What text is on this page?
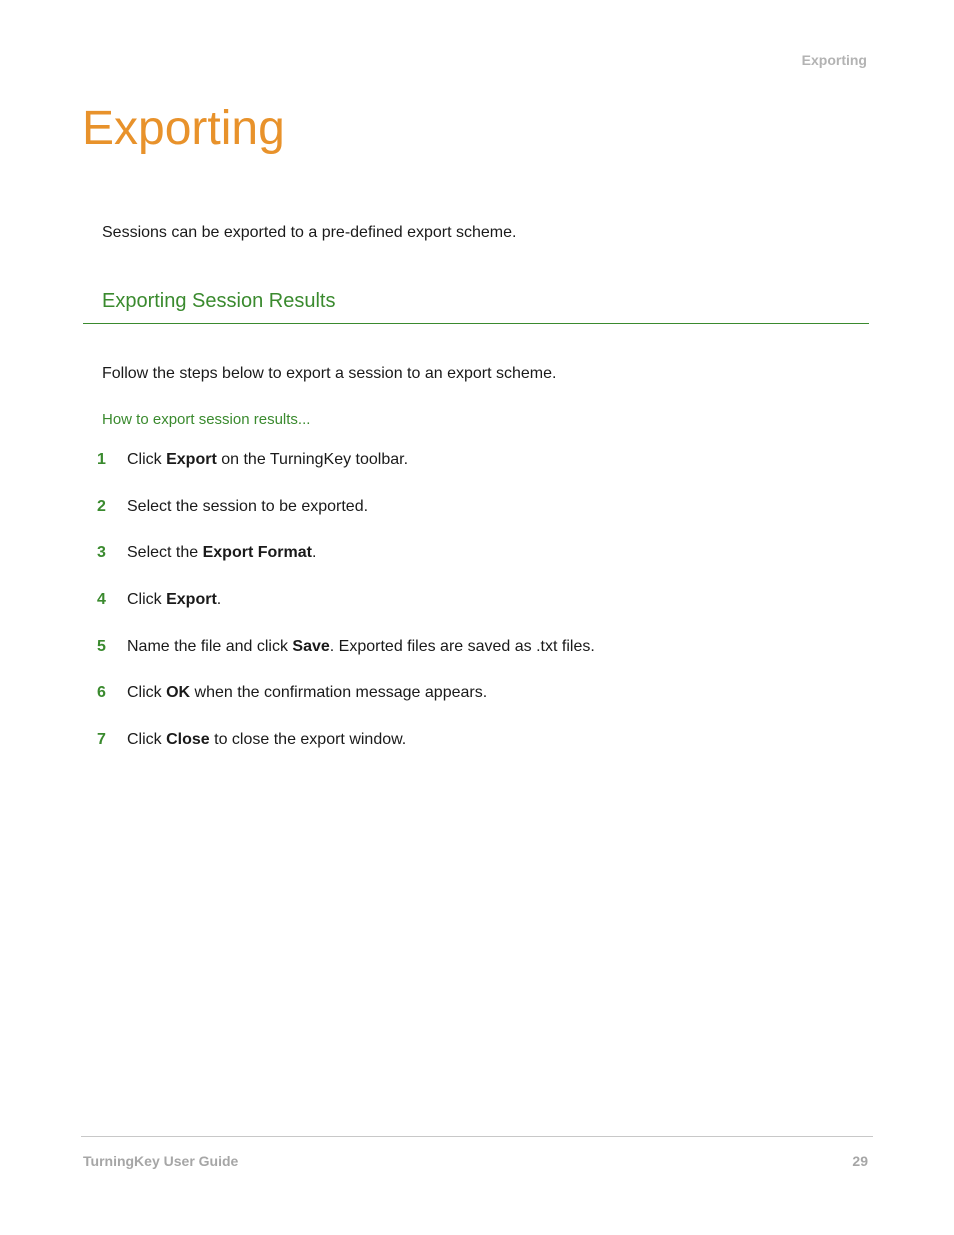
Exporting
Exporting

Sessions can be exported to a pre-defined export scheme.

Exporting Session Results

Follow the steps below to export a session to an export scheme.

How to export session results...
1	Click Export on the TurningKey toolbar.
2	Select the session to be exported.
3	Select the Export Format.
4	Click Export.
5	Name the file and click Save. Exported files are saved as .txt files.
6	Click OK when the confirmation message appears.
7	Click Close to close the export window.
TurningKey User Guide	29
